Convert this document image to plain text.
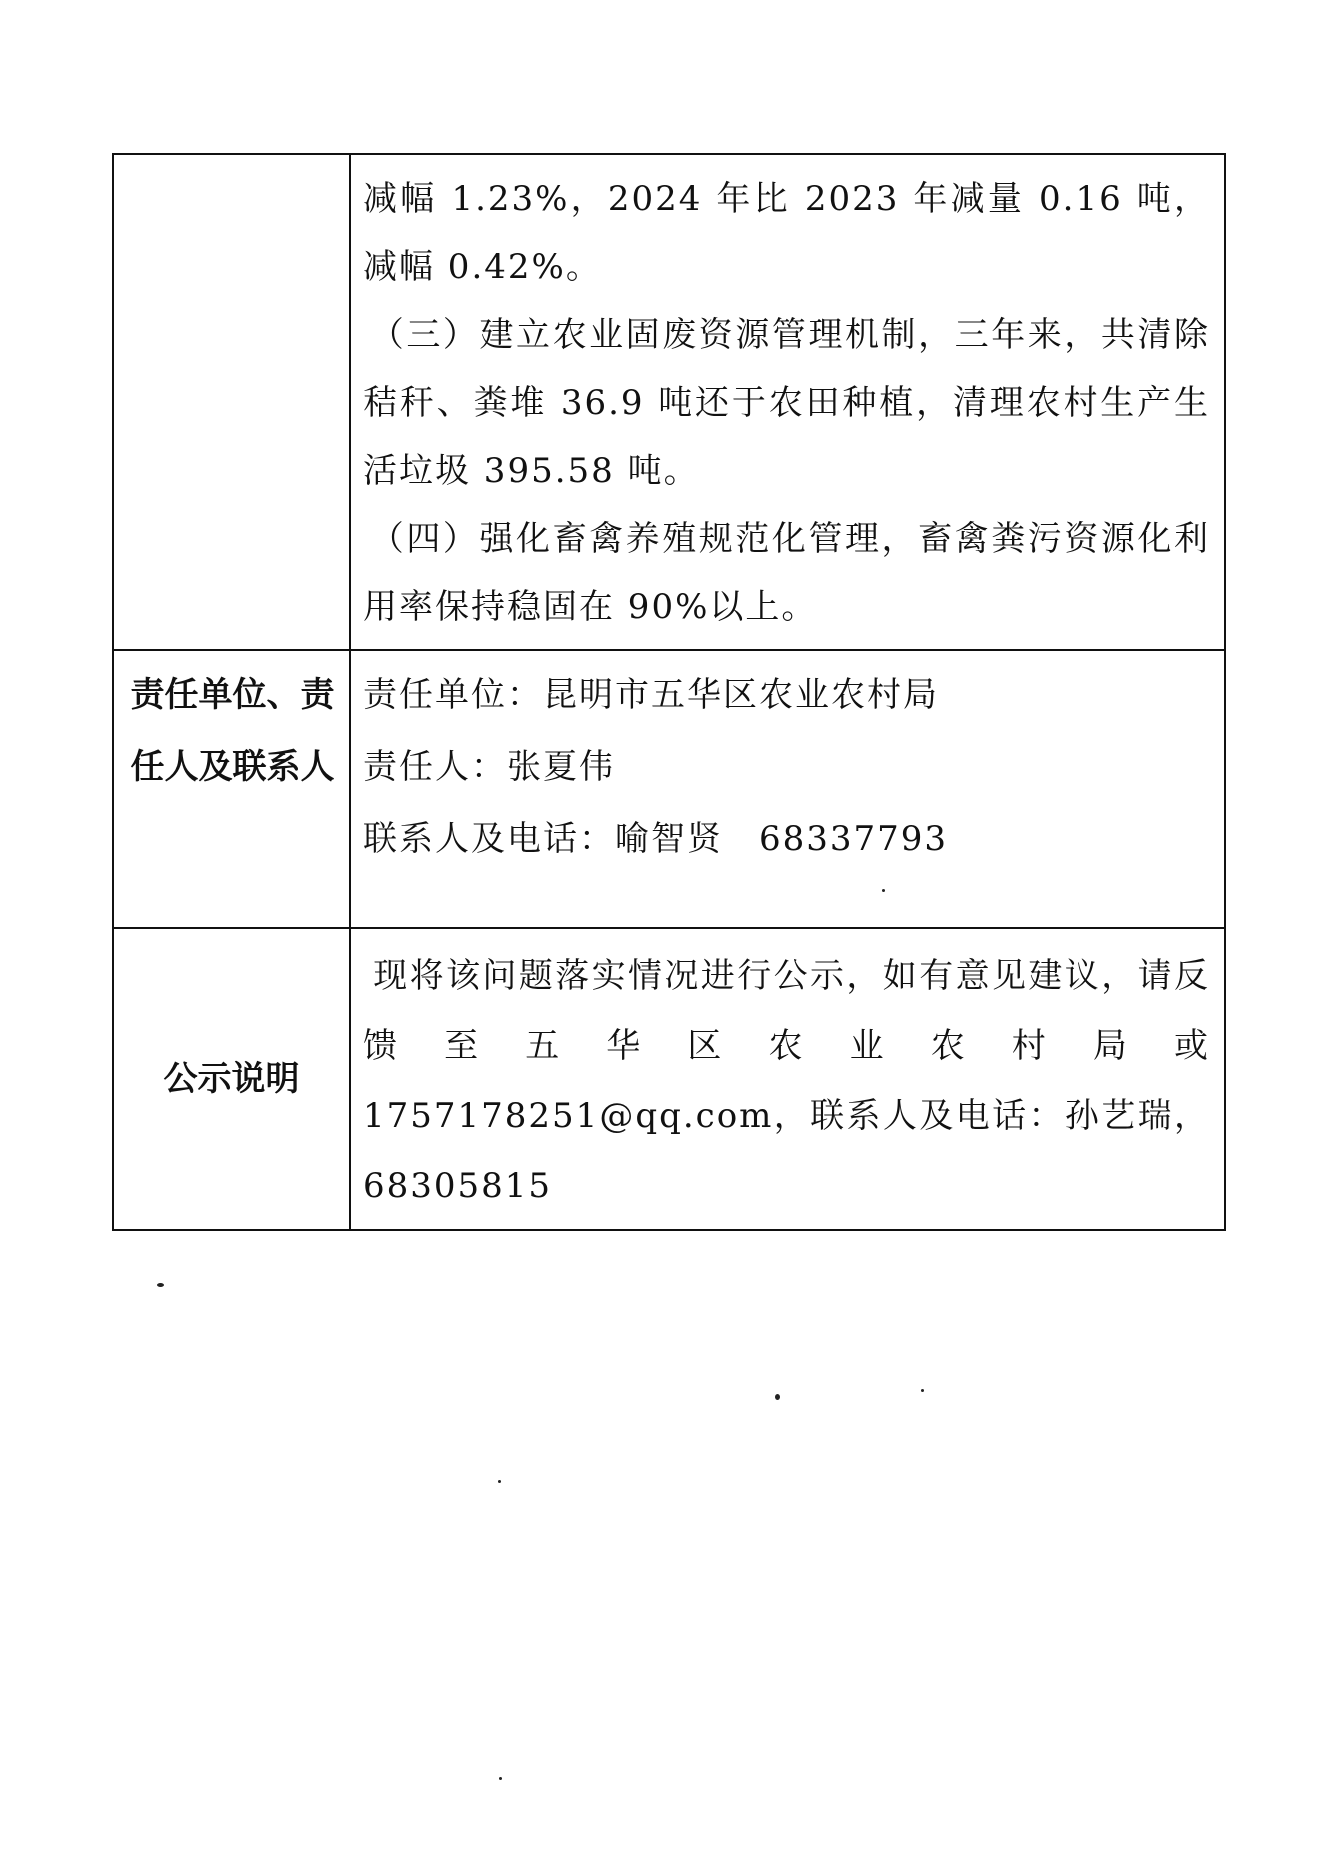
	减幅 1.23%，2024 年比 2023 年减量 0.16 吨，减幅 0.42%。

（三）建立农业固废资源管理机制，三年来，共清除秸秆、粪堆 36.9 吨还于农田种植，清理农村生产生活垃圾 395.58 吨。

（四）强化畜禽养殖规范化管理，畜禽粪污资源化利用率保持稳固在 90%以上。

责任单位、责任人及联系人	责任单位：昆明市五华区农业农村局

责任人：张夏伟

联系人及电话：喻智贤　68337793

公示说明	现将该问题落实情况进行公示，如有意见建议，请反馈至五华区农业农村局或 1757178251@qq.com，联系人及电话：孙艺瑞，68305815
